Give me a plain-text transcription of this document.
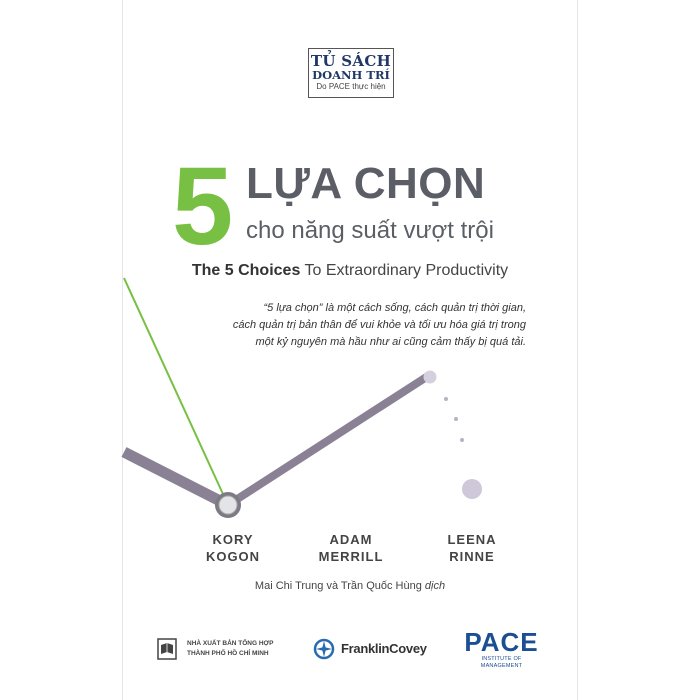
TỦ SÁCH
DOANH TRÍ
Do PACE thực hiện
5 LỰA CHỌN
cho năng suất vượt trội
The 5 Choices To Extraordinary Productivity
“5 lựa chọn” là một cách sống, cách quản trị thời gian,
cách quản trị bản thân để vui khỏe và tối ưu hóa giá trị trong
một kỷ nguyên mà hầu như ai cũng cảm thấy bị quá tải.
KORY
KOGON
ADAM
MERRILL
LEENA
RINNE
Mai Chi Trung và Trần Quốc Hùng dịch
NHÀ XUẤT BẢN TỔNG HỢP
THÀNH PHỐ HỒ CHÍ MINH	FranklinCovey PACE
INSTITUTE OF MANAGEMENT
